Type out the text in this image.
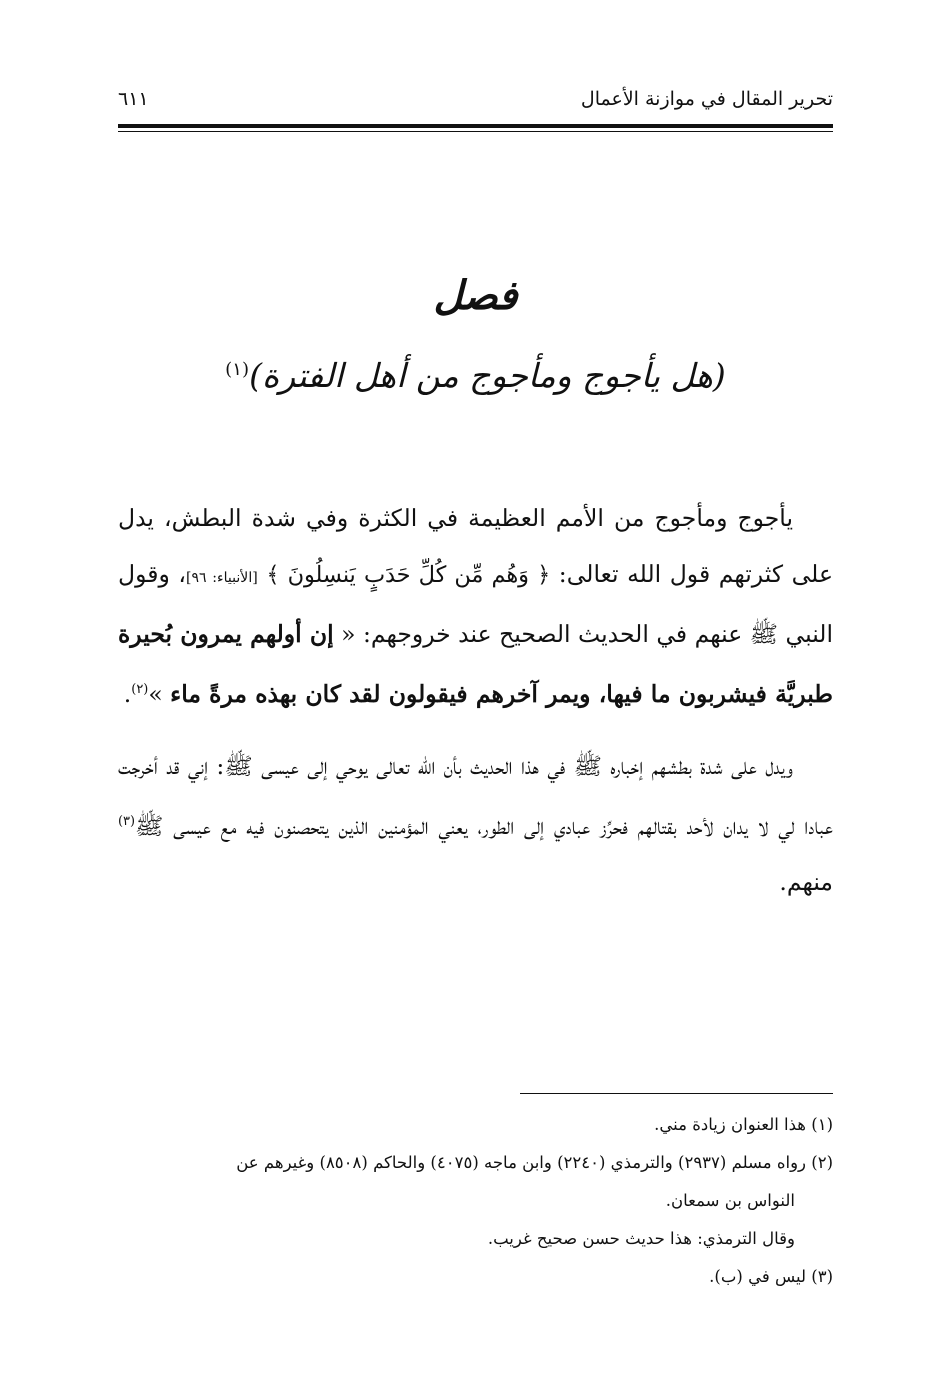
تحرير المقال في موازنة الأعمال
٦١١
فصل
(هل يأجوج ومأجوج من أهل الفترة)$^{(١)}$

يأجوج ومأجوج من الأمم العظيمة في الكثرة وفي شدة البطش، يدل على كثرتهم قول الله تعالى: ﴿ وَهُم مِّن كُلِّ حَدَبٍ يَنسِلُونَ ﴾ [الأنبياء: ٩٦]، وقول النبي ﷺ عنهم في الحديث الصحيح عند خروجهم: « إن أولهم يمرون بُحيرة طبريَّة فيشربون ما فيها، ويمر آخرهم فيقولون لقد كان بهذه مرةً ماء »$^{(٢)}$.

ويدل على شدة بطشهم إخباره ﷺ في هذا الحديث بأن الله تعالى يوحي إلى عيسى ﷺ: إني قد أخرجت عبادا لي لا يدان لأحد بقتالهم فحرِّز عبادي إلى الطور، يعني المؤمنين الذين يتحصنون فيه مع عيسى ﷺ$^{(٣)}$ منهم.

(١) هذا العنوان زيادة مني.
(٢) رواه مسلم (٢٩٣٧) والترمذي (٢٢٤٠) وابن ماجه (٤٠٧٥) والحاكم (٨٥٠٨) وغيرهم عن
النواس بن سمعان.
وقال الترمذي: هذا حديث حسن صحيح غريب.
(٣) ليس في (ب).
